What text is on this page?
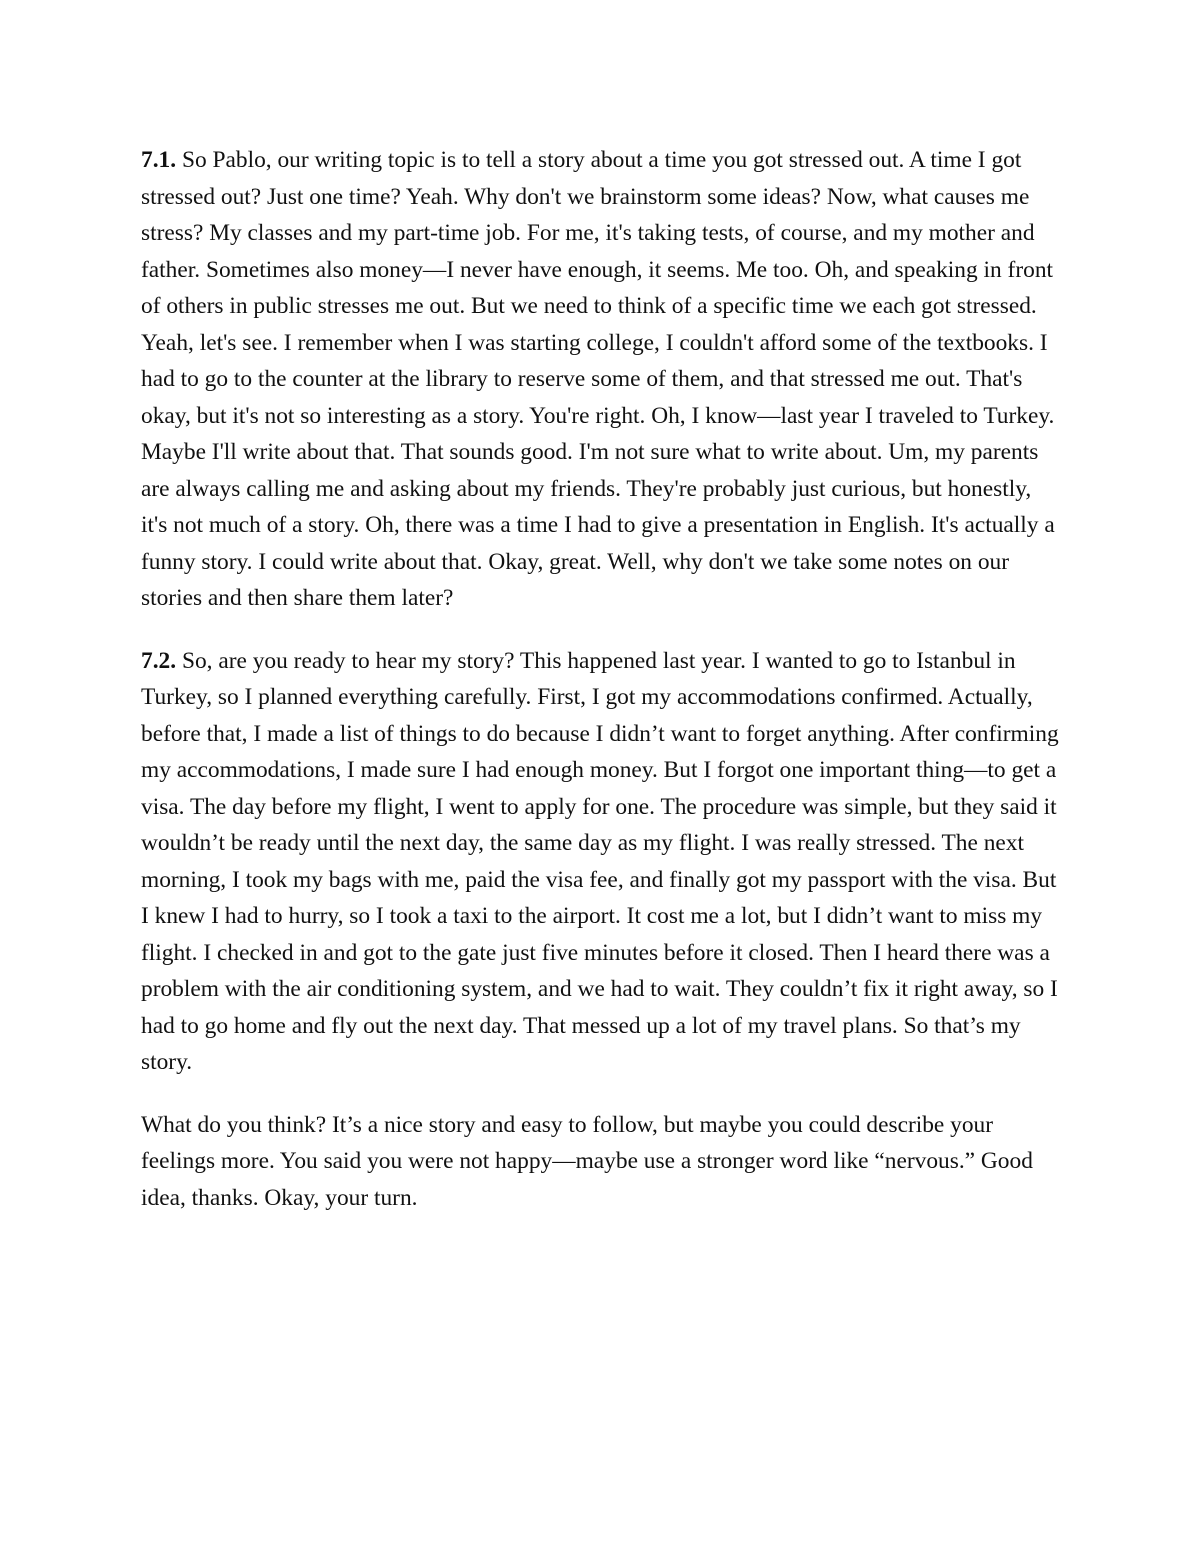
7.1. So Pablo, our writing topic is to tell a story about a time you got stressed out. A time I got stressed out? Just one time? Yeah. Why don't we brainstorm some ideas? Now, what causes me stress? My classes and my part-time job. For me, it's taking tests, of course, and my mother and father. Sometimes also money—I never have enough, it seems. Me too. Oh, and speaking in front of others in public stresses me out. But we need to think of a specific time we each got stressed. Yeah, let's see. I remember when I was starting college, I couldn't afford some of the textbooks. I had to go to the counter at the library to reserve some of them, and that stressed me out. That's okay, but it's not so interesting as a story. You're right. Oh, I know—last year I traveled to Turkey. Maybe I'll write about that. That sounds good. I'm not sure what to write about. Um, my parents are always calling me and asking about my friends. They're probably just curious, but honestly, it's not much of a story. Oh, there was a time I had to give a presentation in English. It's actually a funny story. I could write about that. Okay, great. Well, why don't we take some notes on our stories and then share them later?

7.2. So, are you ready to hear my story? This happened last year. I wanted to go to Istanbul in Turkey, so I planned everything carefully. First, I got my accommodations confirmed. Actually, before that, I made a list of things to do because I didn’t want to forget anything. After confirming my accommodations, I made sure I had enough money. But I forgot one important thing—to get a visa. The day before my flight, I went to apply for one. The procedure was simple, but they said it wouldn’t be ready until the next day, the same day as my flight. I was really stressed. The next morning, I took my bags with me, paid the visa fee, and finally got my passport with the visa. But I knew I had to hurry, so I took a taxi to the airport. It cost me a lot, but I didn’t want to miss my flight. I checked in and got to the gate just five minutes before it closed. Then I heard there was a problem with the air conditioning system, and we had to wait. They couldn’t fix it right away, so I had to go home and fly out the next day. That messed up a lot of my travel plans. So that’s my story.

What do you think? It’s a nice story and easy to follow, but maybe you could describe your feelings more. You said you were not happy—maybe use a stronger word like “nervous.” Good idea, thanks. Okay, your turn.
